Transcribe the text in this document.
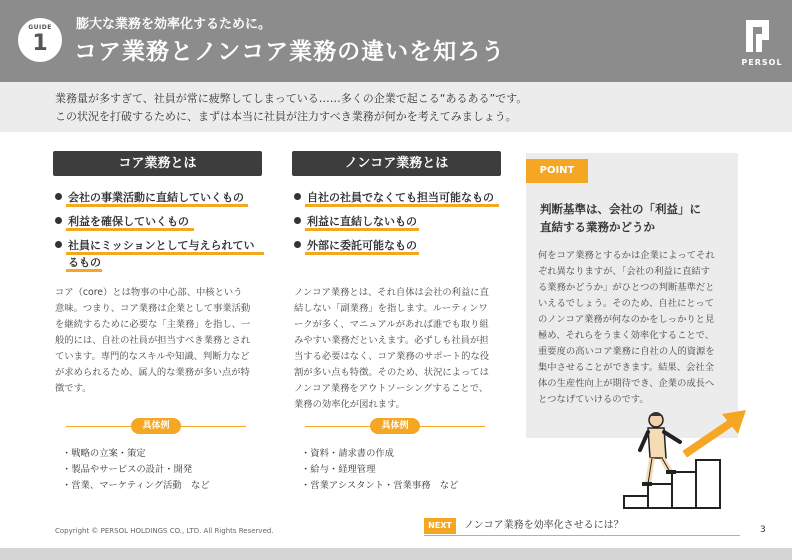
GUIDE
1
膨大な業務を効率化するために。
コア業務とノンコア業務の違いを知ろう	PERSOL

業務量が多すぎて、社員が常に疲弊してしまっている……多くの企業で起こる“あるある”です。

この状況を打破するために、まずは本当に社員が注力すべき業務が何かを考えてみましょう。

コア業務とは
会社の事業活動に直結していくもの
利益を確保していくもの
社員にミッションとして与えられてい
るもの
コア（core）とは物事の中心部、中核という
意味。つまり、コア業務は企業として事業活動
を継続するために必要な「主業務」を指し、一
般的には、自社の社員が担当すべき業務とされ
ています。専門的なスキルや知識、判断力など
が求められるため、属人的な業務が多い点が特
徴です。
具体例
・戦略の立案・策定
・製品やサービスの設計・開発
・営業、マーケティング活動　など
ノンコア業務とは
自社の社員でなくても担当可能なもの
利益に直結しないもの
外部に委託可能なもの
ノンコア業務とは、それ自体は会社の利益に直
結しない「副業務」を指します。ルーティンワ
ークが多く、マニュアルがあれば誰でも取り組
みやすい業務だといえます。必ずしも社員が担
当する必要はなく、コア業務のサポート的な役
割が多い点も特徴。そのため、状況によっては
ノンコア業務をアウトソーシングすることで、
業務の効率化が図れます。
具体例
・資料・請求書の作成
・給与・経理管理
・営業アシスタント・営業事務　など
POINT
判断基準は、会社の「利益」に
直結する業務かどうか
何をコア業務とするかは企業によってそれ
ぞれ異なりますが、「会社の利益に直結す
る業務かどうか」がひとつの判断基準だと
いえるでしょう。そのため、自社にとって
のノンコア業務が何なのかをしっかりと見
極め、それらをうまく効率化することで、
重要度の高いコア業務に自社の人的資源を
集中させることができます。結果、会社全
体の生産性向上が期待でき、企業の成長へ
とつなげていけるのです。
Copyright © PERSOL HOLDINGS CO., LTD. All Rights Reserved.
NEXT	ノンコア業務を効率化させるには？	3
